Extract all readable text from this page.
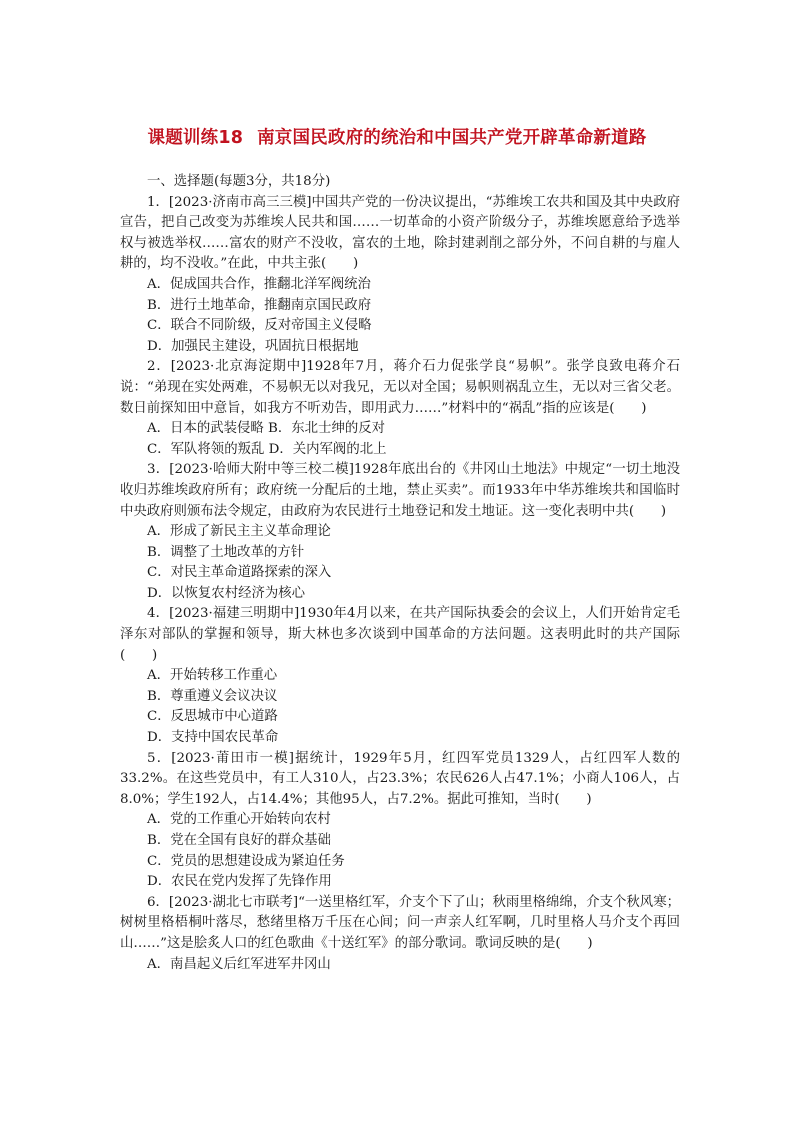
课题训练18 南京国民政府的统治和中国共产党开辟革命新道路
一、选择题(每题3分，共18分)

1．[2023·济南市高三三模]中国共产党的一份决议提出，“苏维埃工农共和国及其中央政府宣告，把自己改变为苏维埃人民共和国……一切革命的小资产阶级分子，苏维埃愿意给予选举权与被选举权……富农的财产不没收，富农的土地，除封建剥削之部分外，不问自耕的与雇人耕的，均不没收。”在此，中共主张(　　)

A．促成国共合作，推翻北洋军阀统治

B．进行土地革命，推翻南京国民政府

C．联合不同阶级，反对帝国主义侵略

D．加强民主建设，巩固抗日根据地

2．[2023·北京海淀期中]1928年7月，蒋介石力促张学良“易帜”。张学良致电蒋介石说：“弟现在实处两难，不易帜无以对我兄，无以对全国；易帜则祸乱立生，无以对三省父老。数日前探知田中意旨，如我方不听劝告，即用武力……”材料中的“祸乱”指的应该是(　　)

A．日本的武装侵略 B．东北士绅的反对

C．军队将领的叛乱 D．关内军阀的北上

3．[2023·哈师大附中等三校二模]1928年底出台的《井冈山土地法》中规定“一切土地没收归苏维埃政府所有；政府统一分配后的土地，禁止买卖”。而1933年中华苏维埃共和国临时中央政府则颁布法令规定，由政府为农民进行土地登记和发土地证。这一变化表明中共(　　)

A．形成了新民主主义革命理论

B．调整了土地改革的方针

C．对民主革命道路探索的深入

D．以恢复农村经济为核心

4．[2023·福建三明期中]1930年4月以来，在共产国际执委会的会议上，人们开始肯定毛泽东对部队的掌握和领导，斯大林也多次谈到中国革命的方法问题。这表明此时的共产国际(　　)

A．开始转移工作重心

B．尊重遵义会议决议

C．反思城市中心道路

D．支持中国农民革命

5．[2023·莆田市一模]据统计，1929年5月，红四军党员1329人，占红四军人数的33.2%。在这些党员中，有工人310人，占23.3%；农民626人占47.1%；小商人106人，占8.0%；学生192人，占14.4%；其他95人，占7.2%。据此可推知，当时(　　)

A．党的工作重心开始转向农村

B．党在全国有良好的群众基础

C．党员的思想建设成为紧迫任务

D．农民在党内发挥了先锋作用

6．[2023·湖北七市联考]“一送里格红军，介支个下了山；秋雨里格绵绵，介支个秋风寒；树树里格梧桐叶落尽，愁绪里格万千压在心间；问一声亲人红军啊，几时里格人马介支个再回山……”这是脍炙人口的红色歌曲《十送红军》的部分歌词。歌词反映的是(　　)

A．南昌起义后红军进军井冈山
